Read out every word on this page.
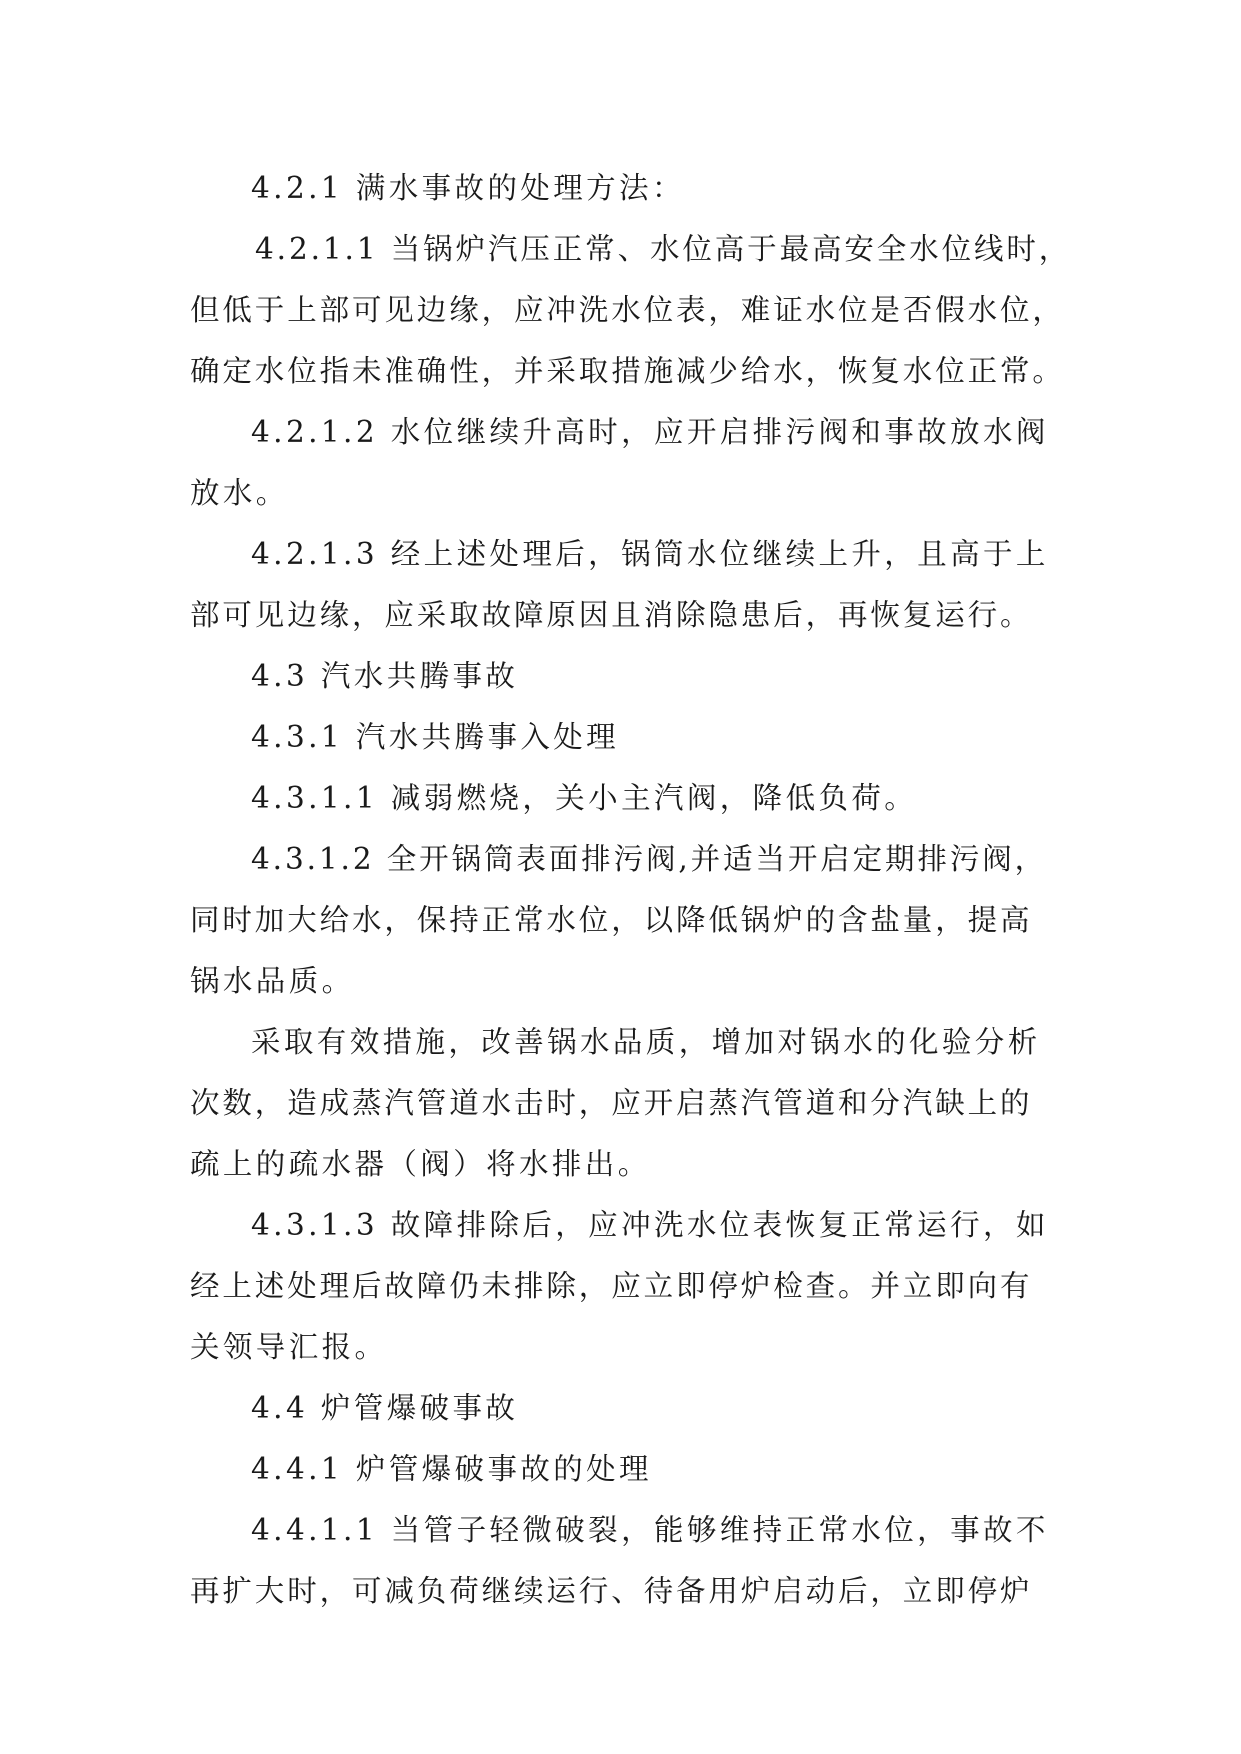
4.2.1 满水事故的处理方法：
4.2.1.1 当锅炉汽压正常、水位高于最高安全水位线时，
但低于上部可见边缘，应冲洗水位表，难证水位是否假水位，
确定水位指未准确性，并采取措施减少给水，恢复水位正常。
4.2.1.2 水位继续升高时，应开启排污阀和事故放水阀
放水。
4.2.1.3 经上述处理后，锅筒水位继续上升，且高于上
部可见边缘，应采取故障原因且消除隐患后，再恢复运行。
4.3 汽水共腾事故
4.3.1 汽水共腾事入处理
4.3.1.1 减弱燃烧，关小主汽阀，降低负荷。
4.3.1.2 全开锅筒表面排污阀,并适当开启定期排污阀，
同时加大给水，保持正常水位，以降低锅炉的含盐量，提高
锅水品质。
采取有效措施，改善锅水品质，增加对锅水的化验分析
次数，造成蒸汽管道水击时，应开启蒸汽管道和分汽缺上的
疏上的疏水器（阀）将水排出。
4.3.1.3 故障排除后，应冲洗水位表恢复正常运行，如
经上述处理后故障仍未排除，应立即停炉检查。并立即向有
关领导汇报。
4.4 炉管爆破事故
4.4.1 炉管爆破事故的处理
4.4.1.1 当管子轻微破裂，能够维持正常水位，事故不
再扩大时，可减负荷继续运行、待备用炉启动后，立即停炉
